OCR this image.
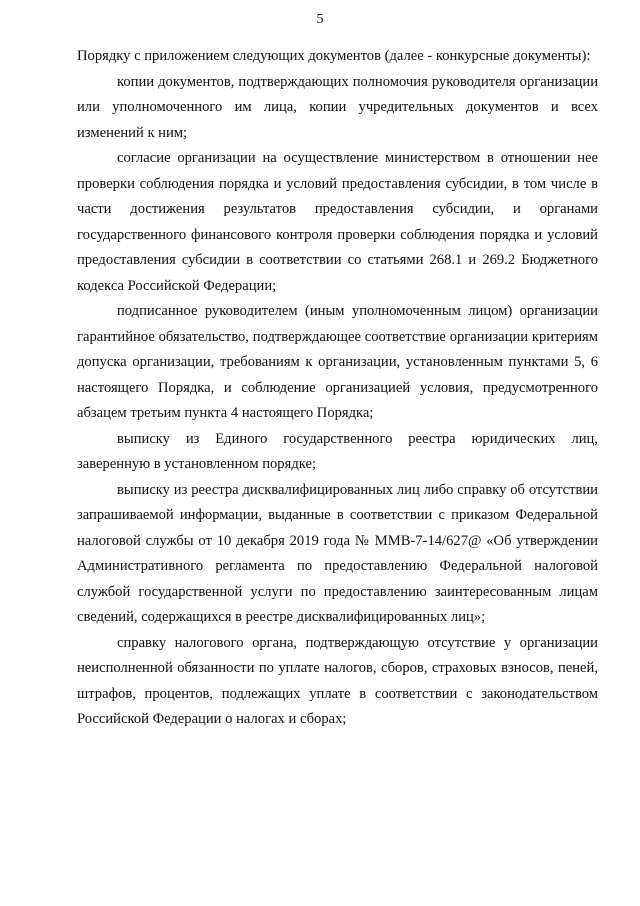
5

Порядку с приложением следующих документов (далее - конкурсные документы):

копии документов, подтверждающих полномочия руководителя организации или уполномоченного им лица, копии учредительных документов и всех изменений к ним;

согласие организации на осуществление министерством в отношении нее проверки соблюдения порядка и условий предоставления субсидии, в том числе в части достижения результатов предоставления субсидии, и органами государственного финансового контроля проверки соблюдения порядка и условий предоставления субсидии в соответствии со статьями 268.1 и 269.2 Бюджетного кодекса Российской Федерации;

подписанное руководителем (иным уполномоченным лицом) организации гарантийное обязательство, подтверждающее соответствие организации критериям допуска организации, требованиям к организации, установленным пунктами 5, 6 настоящего Порядка, и соблюдение организацией условия, предусмотренного абзацем третьим пункта 4 настоящего Порядка;

выписку из Единого государственного реестра юридических лиц, заверенную в установленном порядке;

выписку из реестра дисквалифицированных лиц либо справку об отсутствии запрашиваемой информации, выданные в соответствии с приказом Федеральной налоговой службы от 10 декабря 2019 года № ММВ-7-14/627@ «Об утверждении Административного регламента по предоставлению Федеральной налоговой службой государственной услуги по предоставлению заинтересованным лицам сведений, содержащихся в реестре дисквалифицированных лиц»;

справку налогового органа, подтверждающую отсутствие у организации неисполненной обязанности по уплате налогов, сборов, страховых взносов, пеней, штрафов, процентов, подлежащих уплате в соответствии с законодательством Российской Федерации о налогах и сборах;
